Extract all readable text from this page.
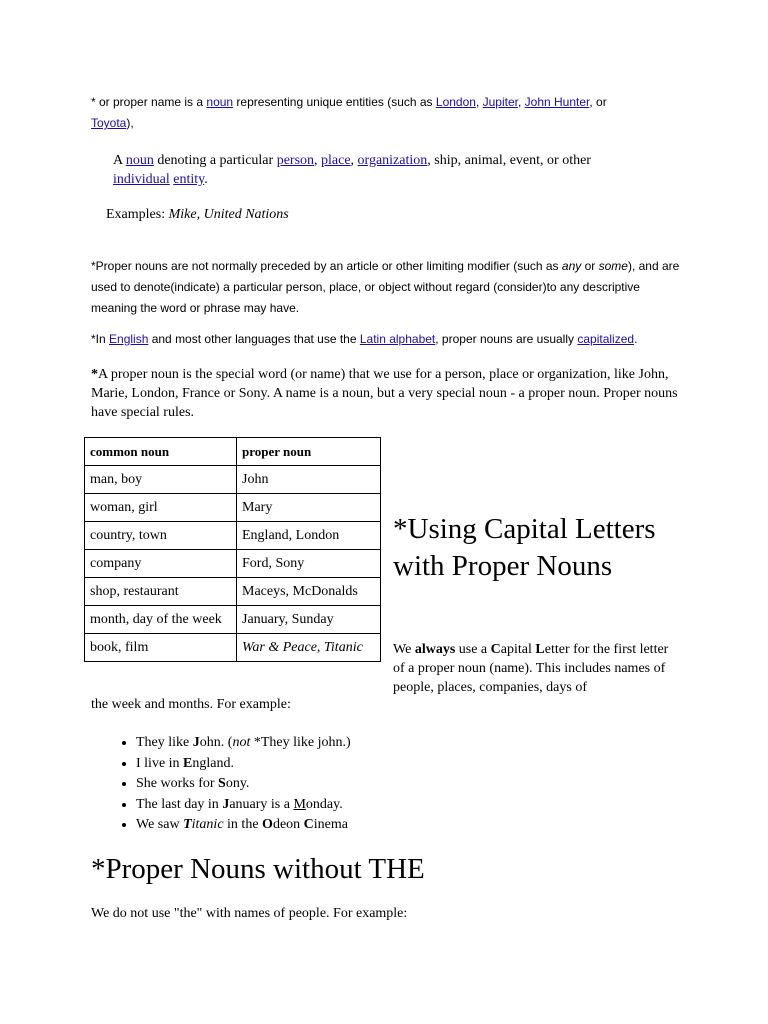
* or proper name is a noun representing unique entities (such as London, Jupiter, John Hunter, or
Toyota),
A noun denoting a particular person, place, organization, ship, animal, event, or other
individual entity.
Examples: Mike, United Nations
*Proper nouns are not normally preceded by an article or other limiting modifier (such as any or some), and are used to denote(indicate) a particular person, place, or object without regard (consider)to any descriptive meaning the word or phrase may have.
*In English and most other languages that use the Latin alphabet, proper nouns are usually capitalized.
*A proper noun is the special word (or name) that we use for a person, place or organization, like John, Marie, London, France or Sony. A name is a noun, but a very special noun - a proper noun. Proper nouns have special rules.
common noun	proper noun
man, boy	John
woman, girl	Mary
country, town	England, London
company	Ford, Sony
shop, restaurant	Maceys, McDonalds
month, day of the week	January, Sunday
book, film	War & Peace, Titanic
*Using Capital Letters with Proper Nouns
We always use a Capital Letter for the first letter of a proper noun (name). This includes names of people, places, companies, days of
the week and months. For example:
• They like John. (not *They like john.)
• I live in England.
• She works for Sony.
• The last day in January is a Monday.
• We saw Titanic in the Odeon Cinema
*Proper Nouns without THE
We do not use "the" with names of people. For example:
